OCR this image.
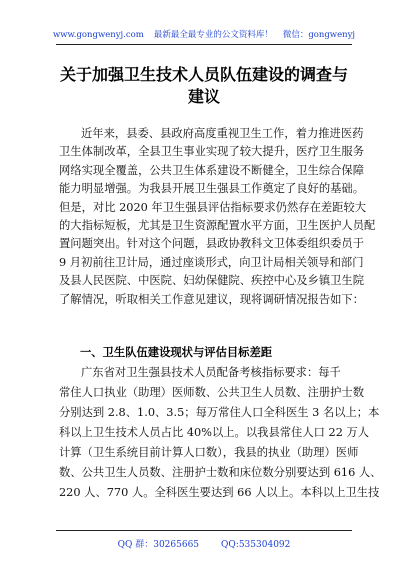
www.gongwenyj.com 最新最全最专业的公文资料库！ 微信：gongwenyj
关于加强卫生技术人员队伍建设的调查与
建议
近年来，县委、县政府高度重视卫生工作，着力推进医药
卫生体制改革，全县卫生事业实现了较大提升，医疗卫生服务
网络实现全覆盖，公共卫生体系建设不断健全，卫生综合保障
能力明显增强。为我县开展卫生强县工作奠定了良好的基础。
但是，对比 2020 年卫生强县评估指标要求仍然存在差距较大
的大指标短板，尤其是卫生资源配置水平方面，卫生医护人员配
置问题突出。针对这个问题，县政协教科文卫体委组织委员于
9 月初前往卫计局，通过座谈形式，向卫计局相关领导和部门
及县人民医院、中医院、妇幼保健院、疾控中心及乡镇卫生院
了解情况，听取相关工作意见建议，现将调研情况报告如下：
一、卫生队伍建设现状与评估目标差距
广东省对卫生强县技术人员配备考核指标要求：每千
常住人口执业（助理）医师数、公共卫生人员数、注册护士数
分别达到 2.8、1.0、3.5；每万常住人口全科医生 3 名以上；本
科以上卫生技术人员占比 40%以上。以我县常住人口 22 万人
计算（卫生系统目前计算人口数），我县的执业（助理）医师
数、公共卫生人员数、注册护士数和床位数分别要达到 616 人、
220 人、770 人。全科医生要达到 66 人以上。本科以上卫生技
QQ 群：30265665 QQ:535304092
